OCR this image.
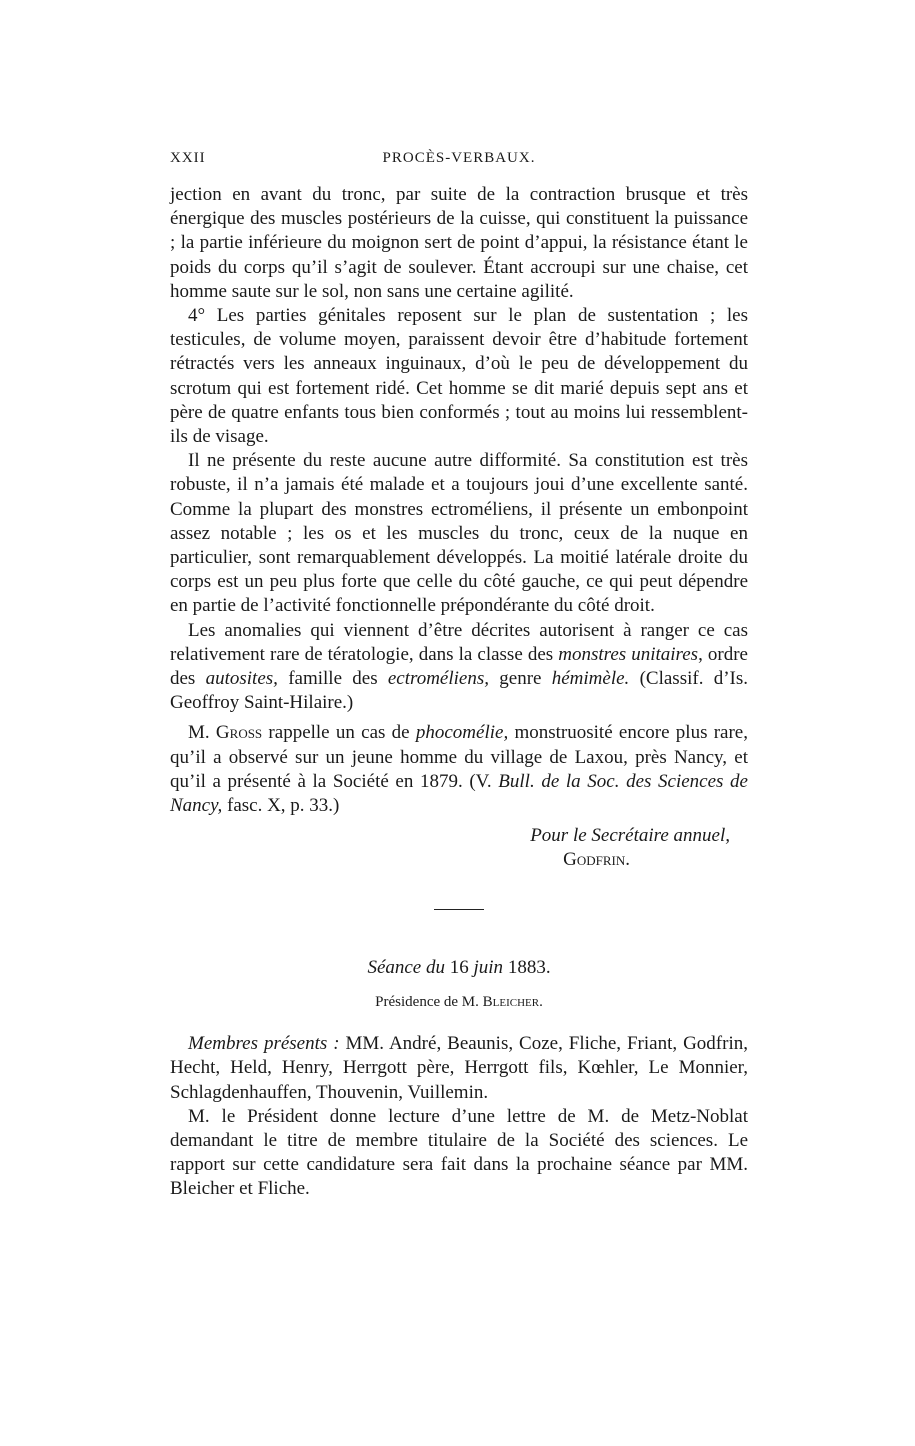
XXII	PROCÈS-VERBAUX.

jection en avant du tronc, par suite de la contraction brusque et très énergique des muscles postérieurs de la cuisse, qui constituent la puissance ; la partie inférieure du moignon sert de point d’appui, la résistance étant le poids du corps qu’il s’agit de soulever. Étant accroupi sur une chaise, cet homme saute sur le sol, non sans une certaine agilité.

4° Les parties génitales reposent sur le plan de sustentation ; les testicules, de volume moyen, paraissent devoir être d’habitude fortement rétractés vers les anneaux inguinaux, d’où le peu de développement du scrotum qui est fortement ridé. Cet homme se dit marié depuis sept ans et père de quatre enfants tous bien conformés ; tout au moins lui ressemblent-ils de visage.

Il ne présente du reste aucune autre difformité. Sa constitution est très robuste, il n’a jamais été malade et a toujours joui d’une excellente santé. Comme la plupart des monstres ectroméliens, il présente un embonpoint assez notable ; les os et les muscles du tronc, ceux de la nuque en particulier, sont remarquablement développés. La moitié latérale droite du corps est un peu plus forte que celle du côté gauche, ce qui peut dépendre en partie de l’activité fonctionnelle prépondérante du côté droit.

Les anomalies qui viennent d’être décrites autorisent à ranger ce cas relativement rare de tératologie, dans la classe des monstres unitaires, ordre des autosites, famille des ectroméliens, genre hémimèle. (Classif. d’Is. Geoffroy Saint-Hilaire.)

M. Gross rappelle un cas de phocomélie, monstruosité encore plus rare, qu’il a observé sur un jeune homme du village de Laxou, près Nancy, et qu’il a présenté à la Société en 1879. (V. Bull. de la Soc. des Sciences de Nancy, fasc. X, p. 33.)

Pour le Secrétaire annuel,
Godfrin.
Séance du 16 juin 1883.
Présidence de M. Bleicher.

Membres présents : MM. André, Beaunis, Coze, Fliche, Friant, Godfrin, Hecht, Held, Henry, Herrgott père, Herrgott fils, Kœhler, Le Monnier, Schlagdenhauffen, Thouvenin, Vuillemin.

M. le Président donne lecture d’une lettre de M. de Metz-Noblat demandant le titre de membre titulaire de la Société des sciences. Le rapport sur cette candidature sera fait dans la prochaine séance par MM. Bleicher et Fliche.
